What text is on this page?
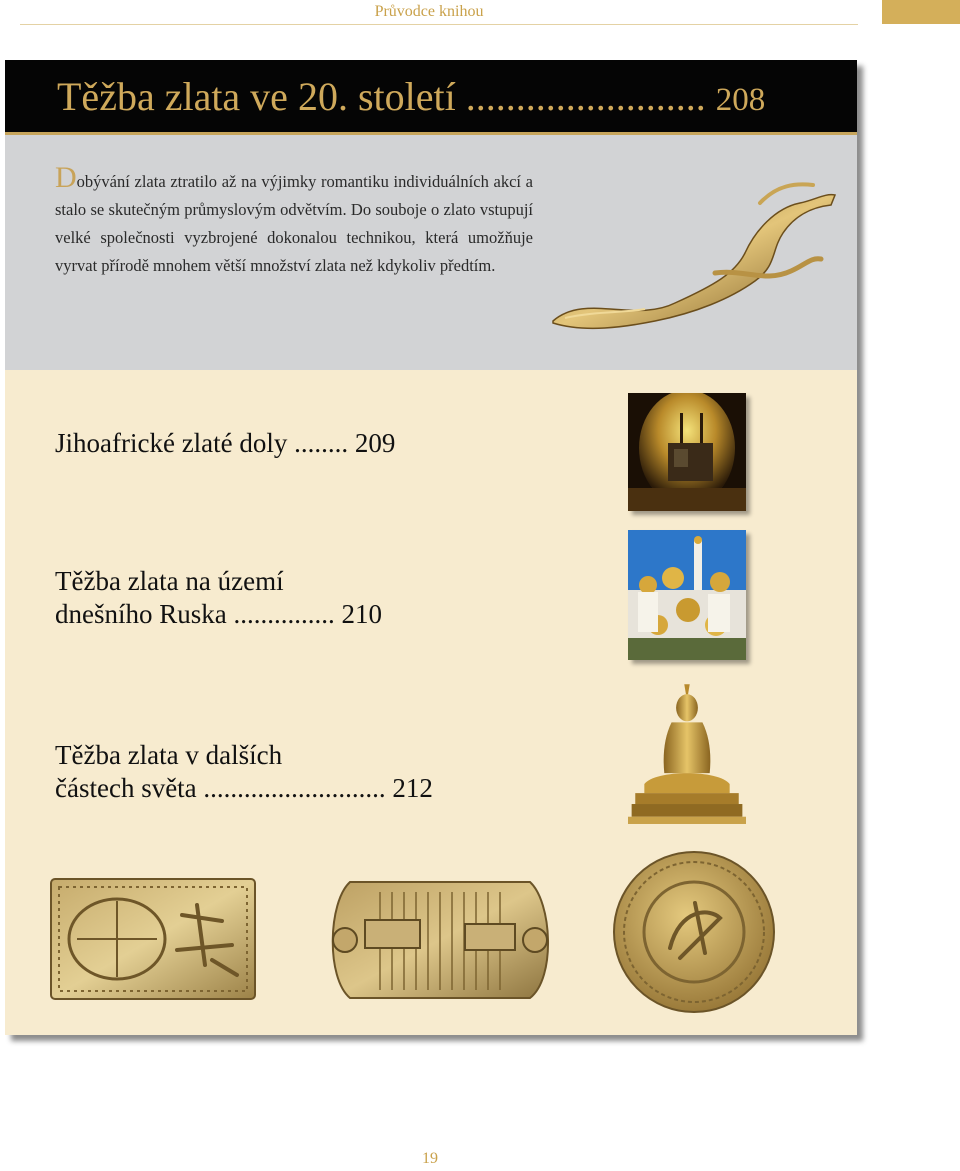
Průvodce knihou
Těžba zlata ve 20. století ........................ 208

Dobývání zlata ztratilo až na výjimky romantiku individuálních akcí a stalo se skutečným průmyslovým odvětvím. Do souboje o zlato vstupují velké společnosti vyzbrojené dokonalou technikou, která umožňuje vyrvat přírodě mnohem větší množství zlata než kdykoliv předtím.

Jihoafrické zlaté doly ........ 209

Těžba zlata na území
dnešního Ruska ............... 210

Těžba zlata v dalších
částech světa ........................... 212

19
